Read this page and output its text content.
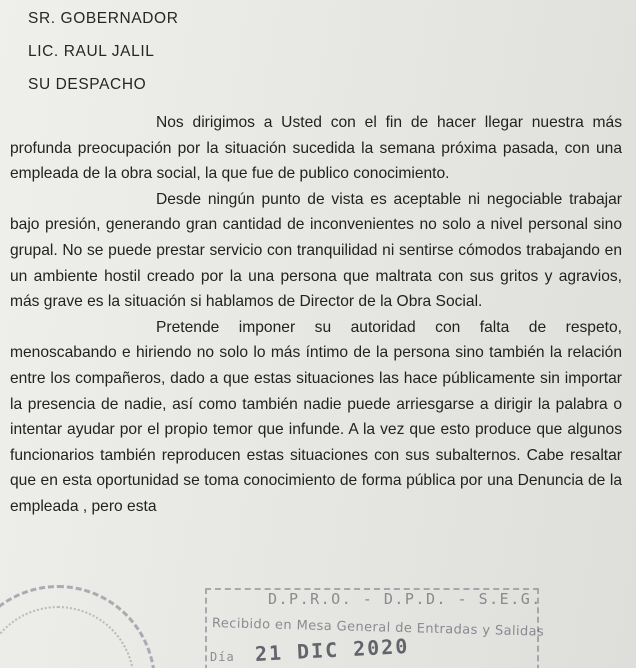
SR. GOBERNADOR
LIC. RAUL JALIL
SU DESPACHO

Nos dirigimos a Usted con el fin de hacer llegar nuestra más profunda preocupación por la situación sucedida la semana próxima pasada, con una empleada de la obra social, la que fue de publico conocimiento.

Desde ningún punto de vista es aceptable ni negociable trabajar bajo presión, generando gran cantidad de inconvenientes no solo a nivel personal sino grupal. No se puede prestar servicio con tranquilidad ni sentirse cómodos trabajando en un ambiente hostil creado por la una persona que maltrata con sus gritos y agravios, más grave es la situación si hablamos de Director de la Obra Social.

Pretende imponer su autoridad con falta de respeto, menoscabando e hiriendo no solo lo más íntimo de la persona sino también la relación entre los compañeros, dado a que estas situaciones las hace públicamente sin importar la presencia de nadie, así como también nadie puede arriesgarse a dirigir la palabra o intentar ayudar por el propio temor que infunde. A la vez que esto produce que algunos funcionarios también reproducen estas situaciones con sus subalternos. Cabe resaltar que en esta oportunidad se toma conocimiento de forma pública por una Denuncia de la empleada , pero esta

D.P.R.O. - D.P.D. - S.E.G.
Recibido en Mesa General de Entradas y Salidas
Día 21 DIC 2020
